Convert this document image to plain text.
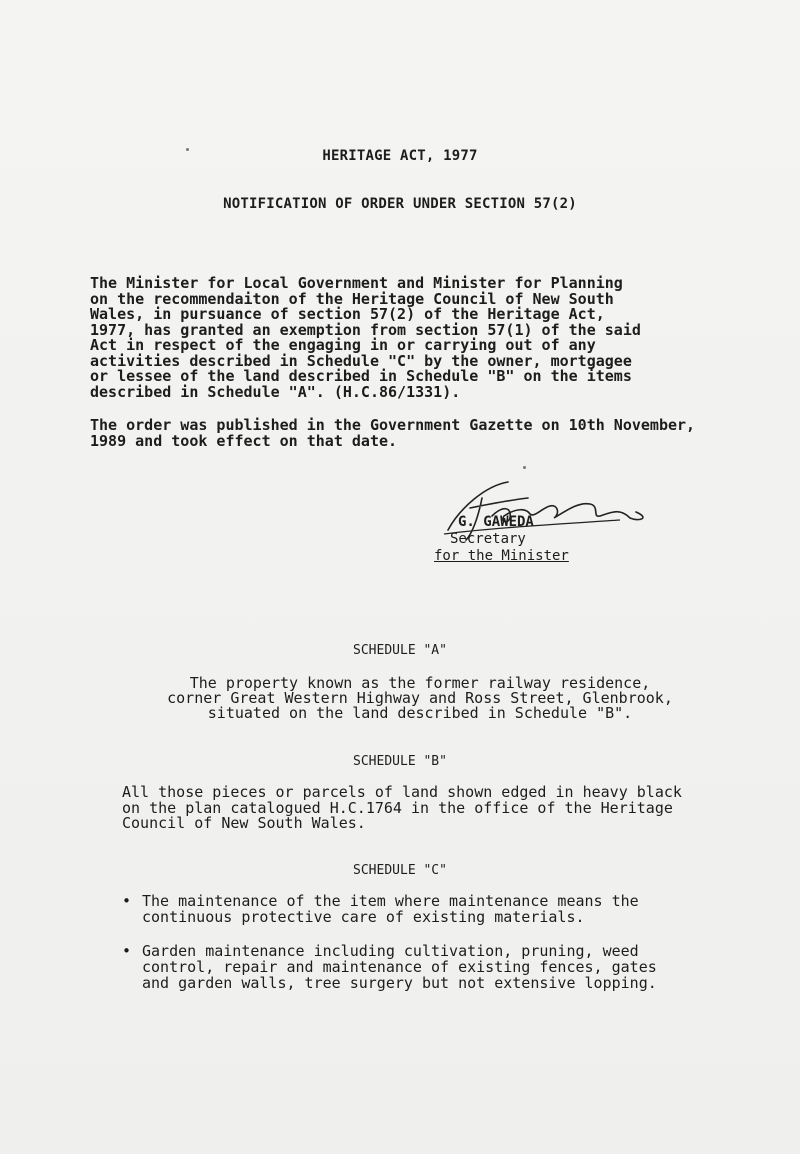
HERITAGE ACT, 1977
NOTIFICATION OF ORDER UNDER SECTION 57(2)
The Minister for Local Government and Minister for Planning
on the recommendaiton of the Heritage Council of New South
Wales, in pursuance of section 57(2) of the Heritage Act,
1977, has granted an exemption from section 57(1) of the said
Act in respect of the engaging in or carrying out of any
activities described in Schedule "C" by the owner, mortgagee
or lessee of the land described in Schedule "B" on the items
described in Schedule "A". (H.C.86/1331).
The order was published in the Government Gazette on 10th November,
1989 and took effect on that date.
G. GAWEDA
Secretary
for the Minister
SCHEDULE "A"
The property known as the former railway residence,
corner Great Western Highway and Ross Street, Glenbrook,
situated on the land described in Schedule "B".
SCHEDULE "B"
All those pieces or parcels of land shown edged in heavy black
on the plan catalogued H.C.1764 in the office of the Heritage
Council of New South Wales.
SCHEDULE "C"
• The maintenance of the item where maintenance means the
continuous protective care of existing materials.
• Garden maintenance including cultivation, pruning, weed
control, repair and maintenance of existing fences, gates
and garden walls, tree surgery but not extensive lopping.
